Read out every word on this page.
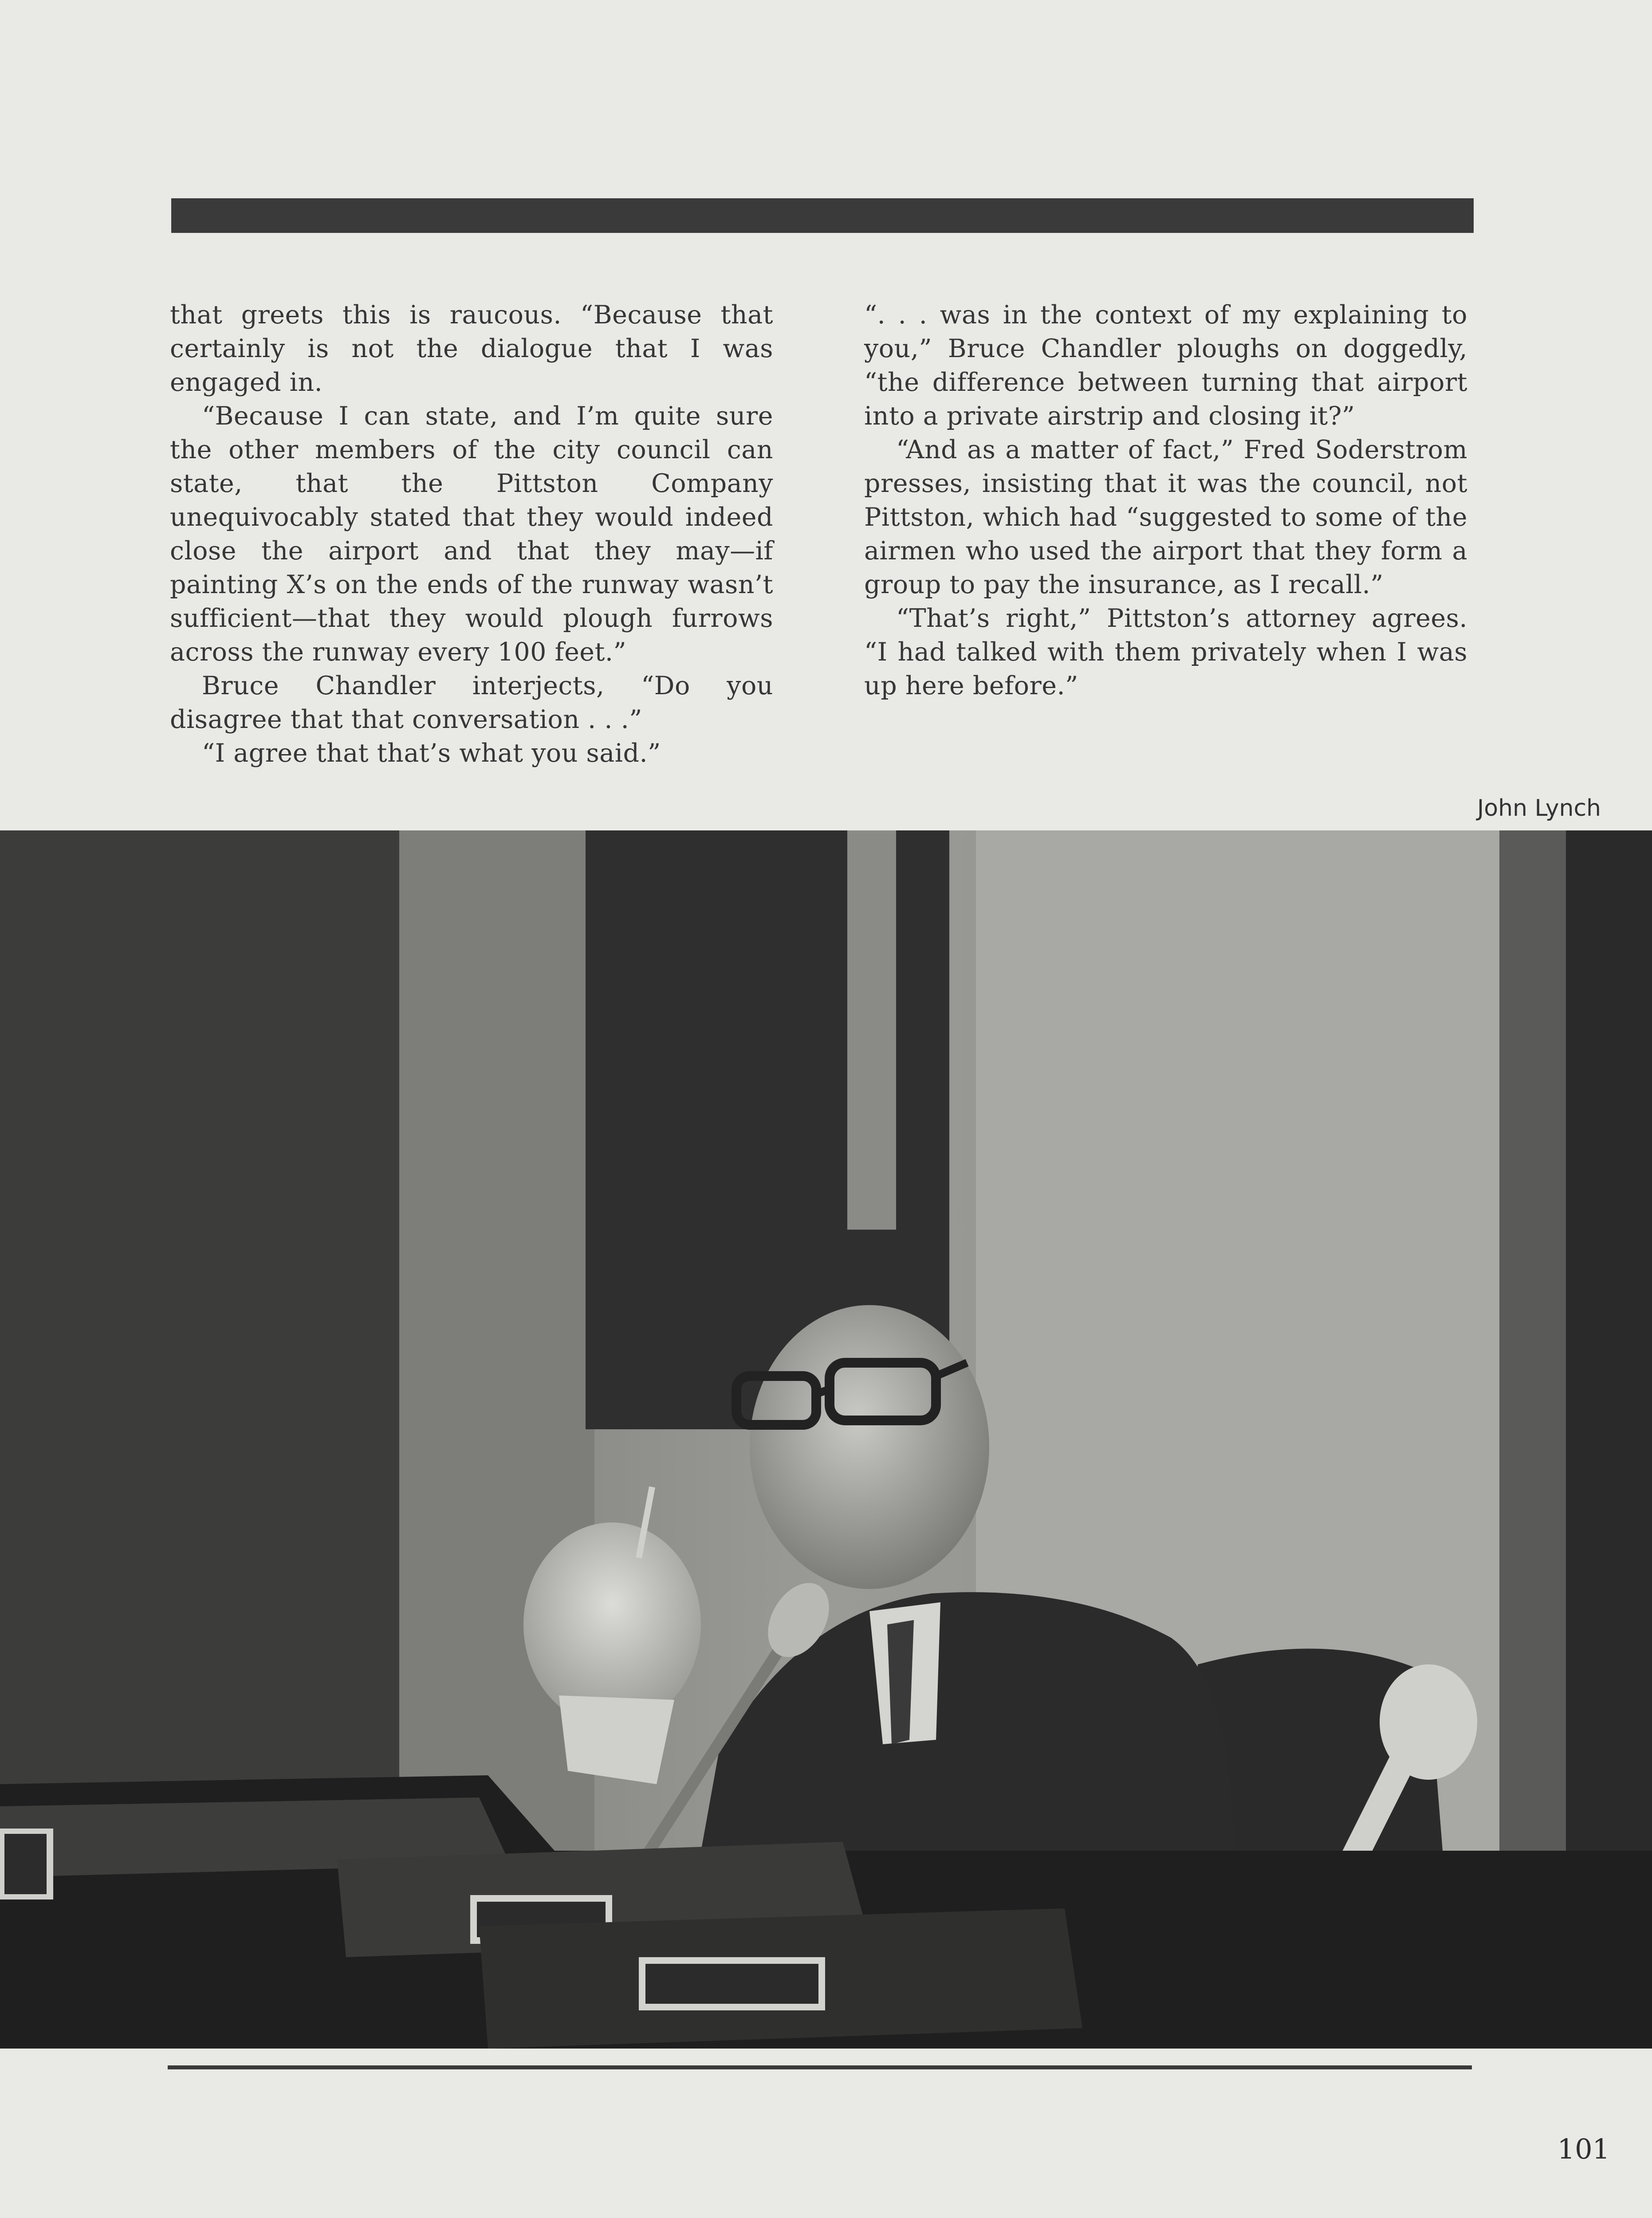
that greets this is raucous. “Because that certainly is not the dialogue that I was engaged in.

“Because I can state, and I’m quite sure the other members of the city council can state, that the Pittston Company unequivocably stated that they would indeed close the airport and that they may—if painting X’s on the ends of the runway wasn’t sufficient—that they would plough furrows across the runway every 100 feet.”

Bruce Chandler interjects, “Do you disagree that that conversation . . .”

“I agree that that’s what you said.”

“. . . was in the context of my explaining to you,” Bruce Chandler ploughs on doggedly, “the difference between turning that airport into a private airstrip and closing it?”

“And as a matter of fact,” Fred Soderstrom presses, insisting that it was the council, not Pittston, which had “suggested to some of the airmen who used the airport that they form a group to pay the insurance, as I recall.”

“That’s right,” Pittston’s attorney agrees. “I had talked with them privately when I was up here before.”

John Lynch
101
